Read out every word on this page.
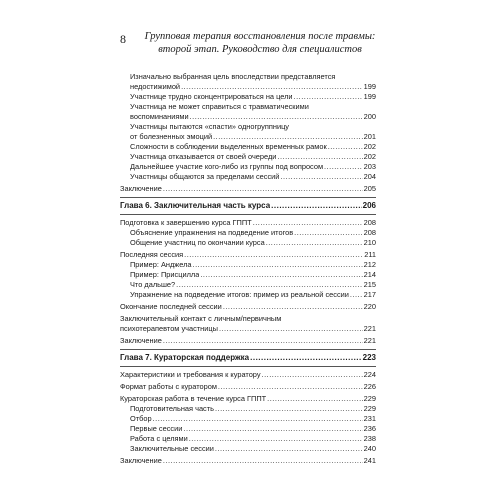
8	Групповая терапия восстановления после травмы:
второй этап. Руководство для специалистов
Изначально выбранная цель впоследствии представляется
недостижимой .....	199
Участнице трудно сконцентрироваться на цели .....	199
Участница не может справиться с травматическими
воспоминаниями .....	200
Участницы пытаются «спасти» одногруппницу
от болезненных эмоций .....	201
Сложности в соблюдении выделенных временных рамок .....	202
Участница отказывается от своей очереди .....	202
Дальнейшее участие кого-либо из группы под вопросом .....	203
Участницы общаются за пределами сессий .....	204
Заключение .....	205
Глава 6. Заключительная часть курса .....	206
Подготовка к завершению курса ГППТ .....	208
Объяснение упражнения на подведение итогов .....	208
Общение участниц по окончании курса .....	210
Последняя сессия .....	211
Пример: Анджела .....	212
Пример: Присцилла .....	214
Что дальше? .....	215
Упражнение на подведение итогов: пример из реальной сессии ..... 217
Окончание последней сессии .....	220
Заключительный контакт с личным/первичным
психотерапевтом участницы .....	221
Заключение .....	221
Глава 7. Кураторская поддержка .....	223
Характеристики и требования к куратору .....	224
Формат работы с куратором .....	226
Кураторская работа в течение курса ГППТ .....	229
Подготовительная часть .....	229
Отбор .....	231
Первые сессии .....	236
Работа с целями .....	238
Заключительные сессии .....	240
Заключение .....	241
